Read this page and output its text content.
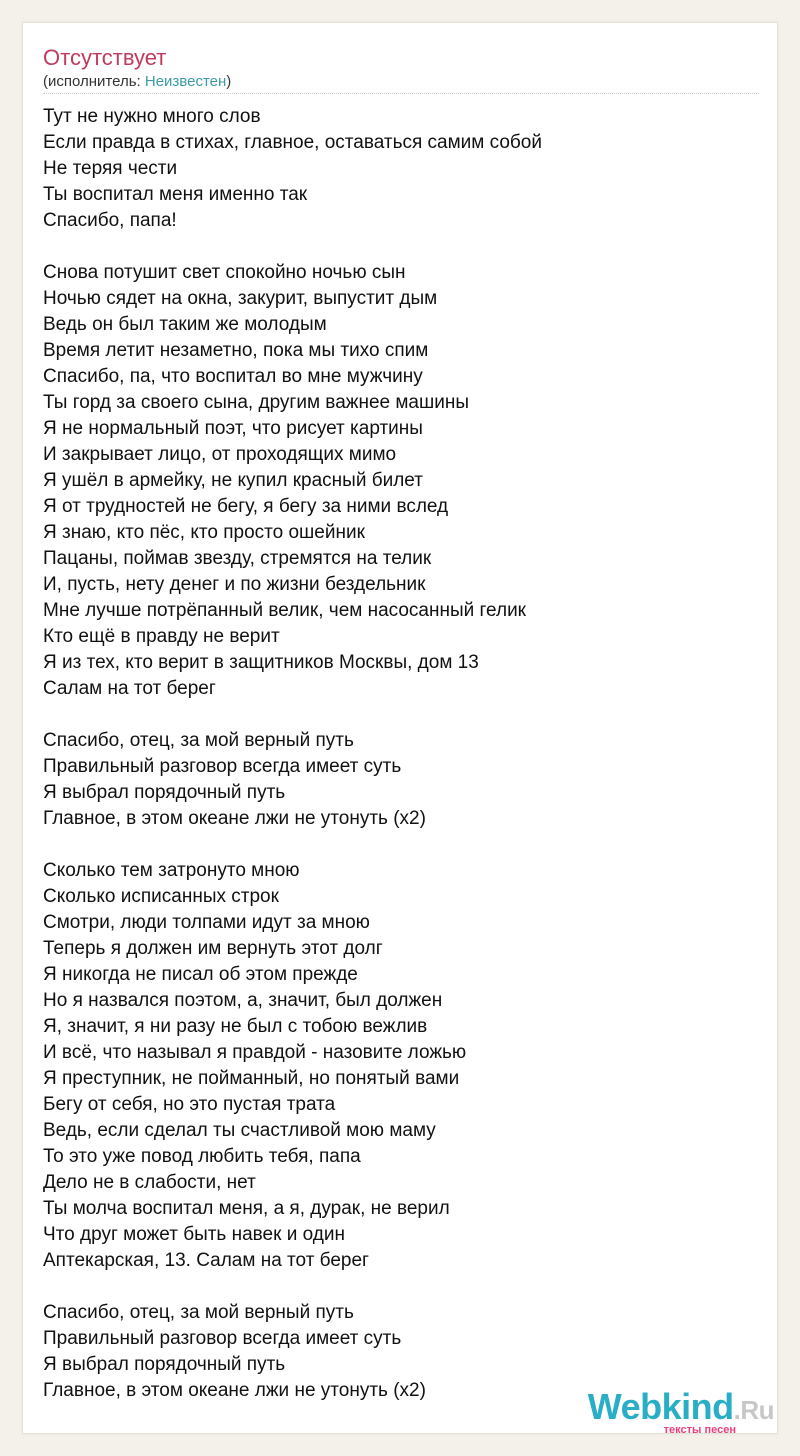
Отсутствует
(исполнитель: Неизвестен)

Тут не нужно много слов
Если правда в стихах, главное, оставаться самим собой
Не теряя чести
Ты воспитал меня именно так
Спасибо, папа!

Снова потушит свет спокойно ночью сын
Ночью сядет на окна, закурит, выпустит дым
Ведь он был таким же молодым
Время летит незаметно, пока мы тихо спим
Спасибо, па, что воспитал во мне мужчину
Ты горд за своего сына, другим важнее машины
Я не нормальный поэт, что рисует картины
И закрывает лицо, от проходящих мимо
Я ушёл в армейку, не купил красный билет
Я от трудностей не бегу, я бегу за ними вслед
Я знаю, кто пёс, кто просто ошейник
Пацаны, поймав звезду, стремятся на телик
И, пусть, нету денег и по жизни бездельник
Мне лучше потрёпанный велик, чем насосанный гелик
Кто ещё в правду не верит
Я из тех, кто верит в защитников Москвы, дом 13
Салам на тот берег

Спасибо, отец, за мой верный путь
Правильный разговор всегда имеет суть
Я выбрал порядочный путь
Главное, в этом океане лжи не утонуть (x2)

Сколько тем затронуто мною
Сколько исписанных строк
Смотри, люди толпами идут за мною
Теперь я должен им вернуть этот долг
Я никогда не писал об этом прежде
Но я назвался поэтом, а, значит, был должен
Я, значит, я ни разу не был с тобою вежлив
И всё, что называл я правдой - назовите ложью
Я преступник, не пойманный, но понятый вами
Бегу от себя, но это пустая трата
Ведь, если сделал ты счастливой мою маму
То это уже повод любить тебя, папа
Дело не в слабости, нет
Ты молча воспитал меня, а я, дурак, не верил
Что друг может быть навек и один
Аптекарская, 13. Салам на тот берег

Спасибо, отец, за мой верный путь
Правильный разговор всегда имеет суть
Я выбрал порядочный путь
Главное, в этом океане лжи не утонуть (x2)	Webkind.Ru
тексты песен
